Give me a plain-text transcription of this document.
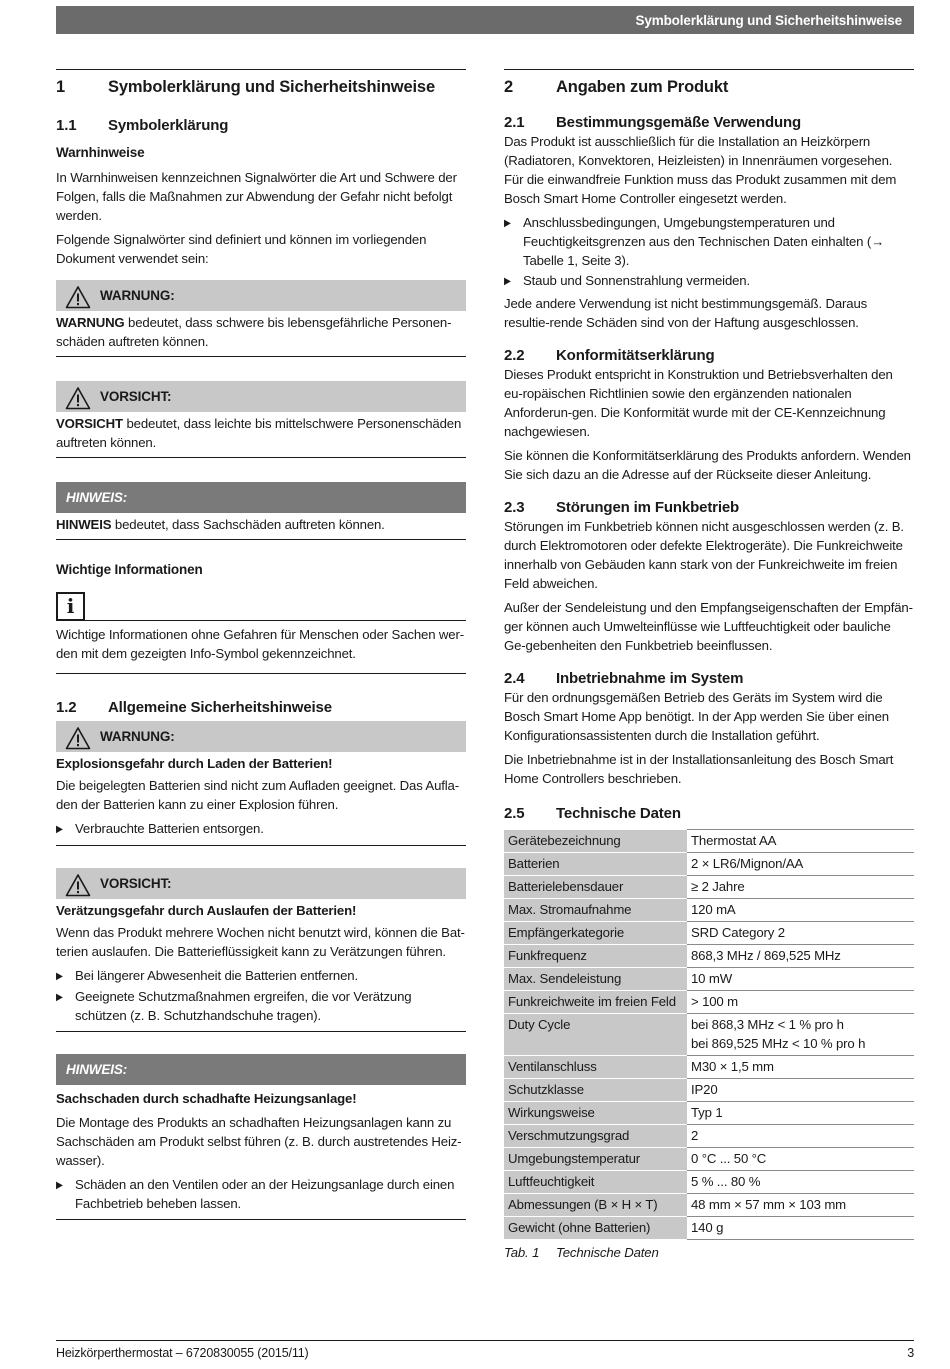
Symbolerklärung und Sicherheitshinweise
1	Symbolerklärung und Sicherheitshinweise
1.1	Symbolerklärung
Warnhinweise

In Warnhinweisen kennzeichnen Signalwörter die Art und Schwere der Folgen, falls die Maßnahmen zur Abwendung der Gefahr nicht befolgt werden.

Folgende Signalwörter sind definiert und können im vorliegenden Dokument verwendet sein:

WARNUNG:
WARNUNG bedeutet, dass schwere bis lebensgefährliche Personen-schäden auftreten können.
VORSICHT:
VORSICHT bedeutet, dass leichte bis mittelschwere Personenschäden auftreten können.
HINWEIS:
HINWEIS bedeutet, dass Sachschäden auftreten können.
Wichtige Informationen
i

Wichtige Informationen ohne Gefahren für Menschen oder Sachen wer-den mit dem gezeigten Info-Symbol gekennzeichnet.

1.2	Allgemeine Sicherheitshinweise
WARNUNG:
Explosionsgefahr durch Laden der Batterien!

Die beigelegten Batterien sind nicht zum Aufladen geeignet. Das Aufla-den der Batterien kann zu einer Explosion führen.

▶ Verbrauchte Batterien entsorgen.
VORSICHT:
Verätzungsgefahr durch Auslaufen der Batterien!

Wenn das Produkt mehrere Wochen nicht benutzt wird, können die Bat-terien auslaufen. Die Batterieflüssigkeit kann zu Verätzungen führen.

▶ Bei längerer Abwesenheit die Batterien entfernen.
▶ Geeignete Schutzmaßnahmen ergreifen, die vor Verätzung schützen (z. B. Schutzhandschuhe tragen).
HINWEIS:
Sachschaden durch schadhafte Heizungsanlage!

Die Montage des Produkts an schadhaften Heizungsanlagen kann zu Sachschäden am Produkt selbst führen (z. B. durch austretendes Heiz-wasser).

▶ Schäden an den Ventilen oder an der Heizungsanlage durch einen Fachbetrieb beheben lassen.
2	Angaben zum Produkt
2.1	Bestimmungsgemäße Verwendung

Das Produkt ist ausschließlich für die Installation an Heizkörpern (Radiatoren, Konvektoren, Heizleisten) in Innenräumen vorgesehen. Für die einwandfreie Funktion muss das Produkt zusammen mit dem Bosch Smart Home Controller eingesetzt werden.

▶ Anschlussbedingungen, Umgebungstemperaturen und Feuchtigkeitsgrenzen aus den Technischen Daten einhalten (→ Tabelle 1, Seite 3).
▶ Staub und Sonnenstrahlung vermeiden.

Jede andere Verwendung ist nicht bestimmungsgemäß. Daraus resultie-rende Schäden sind von der Haftung ausgeschlossen.

2.2	Konformitätserklärung

Dieses Produkt entspricht in Konstruktion und Betriebsverhalten den eu-ropäischen Richtlinien sowie den ergänzenden nationalen Anforderun-gen. Die Konformität wurde mit der CE-Kennzeichnung nachgewiesen.

Sie können die Konformitätserklärung des Produkts anfordern. Wenden Sie sich dazu an die Adresse auf der Rückseite dieser Anleitung.

2.3	Störungen im Funkbetrieb

Störungen im Funkbetrieb können nicht ausgeschlossen werden (z. B. durch Elektromotoren oder defekte Elektrogeräte). Die Funkreichweite innerhalb von Gebäuden kann stark von der Funkreichweite im freien Feld abweichen.

Außer der Sendeleistung und den Empfangseigenschaften der Empfän-ger können auch Umwelteinflüsse wie Luftfeuchtigkeit oder bauliche Ge-gebenheiten den Funkbetrieb beeinflussen.

2.4	Inbetriebnahme im System

Für den ordnungsgemäßen Betrieb des Geräts im System wird die Bosch Smart Home App benötigt. In der App werden Sie über einen Konfigurationsassistenten durch die Installation geführt.

Die Inbetriebnahme ist in der Installationsanleitung des Bosch Smart Home Controllers beschrieben.

2.5	Technische Daten
Gerätebezeichnung	Thermostat AA
Batterien	2 × LR6/Mignon/AA
Batterielebensdauer	≥ 2 Jahre
Max. Stromaufnahme	120 mA
Empfängerkategorie	SRD Category 2
Funkfrequenz	868,3 MHz / 869,525 MHz
Max. Sendeleistung	10 mW
Funkreichweite im freien Feld	> 100 m
Duty Cycle	bei 868,3 MHz < 1 % pro h
bei 869,525 MHz < 10 % pro h
Ventilanschluss	M30 × 1,5 mm
Schutzklasse	IP20
Wirkungsweise	Typ 1
Verschmutzungsgrad	2
Umgebungstemperatur	0 °C ... 50 °C
Luftfeuchtigkeit	5 % ... 80 %
Abmessungen (B × H × T)	48 mm × 57 mm × 103 mm
Gewicht (ohne Batterien)	140 g
Tab. 1	Technische Daten
Heizkörperthermostat – 6720830055 (2015/11)	3
